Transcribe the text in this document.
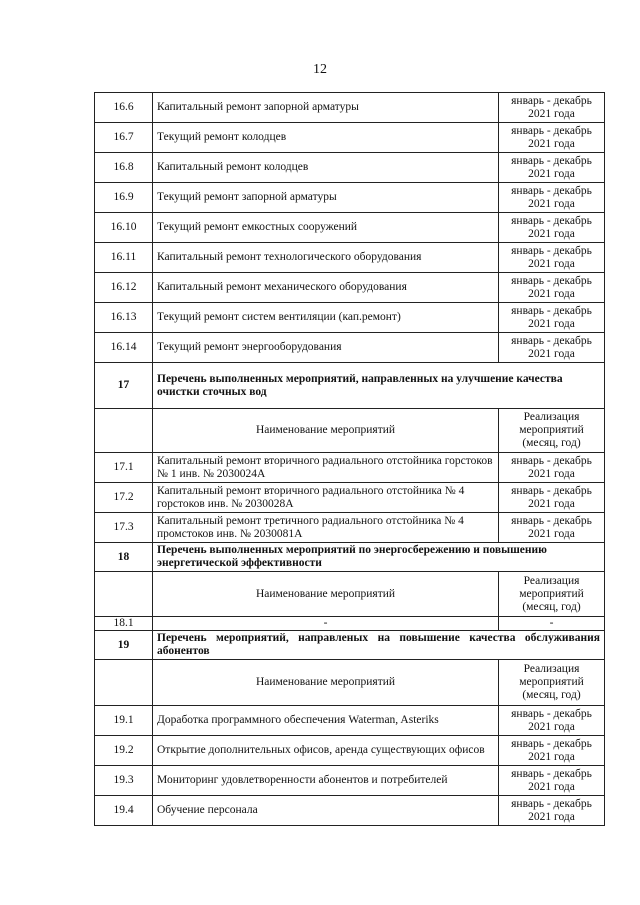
12
16.6	Капитальный ремонт запорной арматуры	январь - декабрь
2021 года

16.7	Текущий ремонт колодцев	январь - декабрь
2021 года

16.8	Капитальный ремонт колодцев	январь - декабрь
2021 года

16.9	Текущий ремонт запорной арматуры	январь - декабрь
2021 года

16.10	Текущий ремонт емкостных сооружений	январь - декабрь
2021 года

16.11	Капитальный ремонт технологического оборудования	январь - декабрь
2021 года

16.12	Капитальный ремонт механического оборудования	январь - декабрь
2021 года

16.13	Текущий ремонт систем вентиляции (кап.ремонт)	январь - декабрь
2021 года

16.14	Текущий ремонт энергооборудования	январь - декабрь
2021 года

17	Перечень выполненных мероприятий, направленных на улучшение качества очистки сточных вод	
	Наименование мероприятий	Реализация
мероприятий
(месяц, год)

17.1	Капитальный ремонт вторичного радиального отстойника горстоков № 1 инв. № 2030024А	январь - декабрь
2021 года

17.2	Капитальный ремонт вторичного радиального отстойника № 4 горстоков инв. № 2030028А	январь - декабрь
2021 года

17.3	Капитальный ремонт третичного радиального отстойника № 4 промстоков инв. № 2030081А	январь - декабрь
2021 года

18	Перечень выполненных мероприятий по энергосбережению и повышению энергетической эффективности	
	Наименование мероприятий	Реализация
мероприятий
(месяц, год)

18.1	-	-
19	Перечень мероприятий, направленых на повышение качества обслуживания абонентов	
	Наименование мероприятий	Реализация
мероприятий
(месяц, год)

19.1	Доработка программного обеспечения Waterman, Asteriks	январь - декабрь
2021 года

19.2	Открытие дополнительных офисов, аренда существующих офисов	январь - декабрь
2021 года

19.3	Мониторинг удовлетворенности абонентов и потребителей	январь - декабрь
2021 года

19.4	Обучение персонала	январь - декабрь
2021 года
